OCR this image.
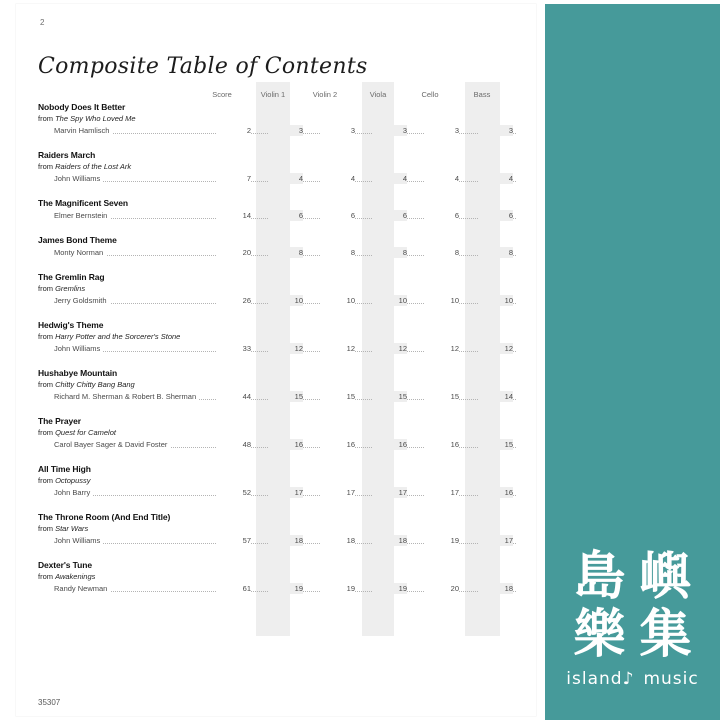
島 嶼
樂 集
island♪ music
2
Composite Table of Contents
Score	Violin 1	Violin 2	Viola	Cello	Bass
Nobody Does It Better
from The Spy Who Loved Me
Marvin Hamlisch	2	3	3	3	3	3
Raiders March
from Raiders of the Lost Ark
John Williams	7	4	4	4	4	4
The Magnificent Seven
Elmer Bernstein	14	6	6	6	6	6
James Bond Theme
Monty Norman	20	8	8	8	8	8
The Gremlin Rag
from Gremlins
Jerry Goldsmith	26	10	10	10	10	10
Hedwig's Theme
from Harry Potter and the Sorcerer's Stone
John Williams	33	12	12	12	12	12
Hushabye Mountain
from Chitty Chitty Bang Bang
Richard M. Sherman & Robert B. Sherman	44	15	15	15	15	14
The Prayer
from Quest for Camelot
Carol Bayer Sager & David Foster	48	16	16	16	16	15
All Time High
from Octopussy
John Barry	52	17	17	17	17	16
The Throne Room (And End Title)
from Star Wars
John Williams	57	18	18	18	19	17
Dexter's Tune
from Awakenings
Randy Newman	61	19	19	19	20	18
35307
